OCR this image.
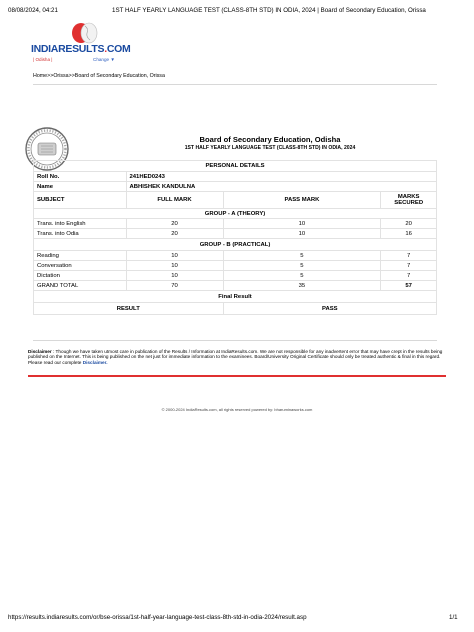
08/08/2024, 04:21	1ST HALF YEARLY LANGUAGE TEST (CLASS-8TH STD) IN ODIA, 2024 | Board of Secondary Education, Orissa
INDIARESULTS.COM
| Odisha |	Change ▼
Home>>Orissa>>Board of Secondary Education, Orissa
Board of Secondary Education, Odisha
1ST HALF YEARLY LANGUAGE TEST (CLASS-8TH STD) IN ODIA, 2024
PERSONAL DETAILS			
Roll No.	241HED0243		
Name	ABHISHEK KANDULNA		
SUBJECT	FULL MARK	PASS MARK	MARKS SECURED
GROUP - A (THEORY)			
Trans. into English	20	10	20
Trans. into Odia	20	10	16
GROUP - B (PRACTICAL)			
Reading	10	5	7
Conversation	10	5	7
Dictation	10	5	7
GRAND TOTAL	70	35	57
Final Result			
RESULT		PASS	
Disclaimer : Though we have taken utmost care in publication of the Results / Information at IndiaResults.com. We are not responsible for any inadvertent error that may have crept in the results being published on the Internet. This is being published on the net just for immediate information to the examinees. Board/University Original Certificate should only be treated authentic & final in this regard. Please read our complete Disclaimer.
© 2000-2024 IndiaResults.com, all rights reserved powered by: bharuminaworks.com
https://results.indiaresults.com/or/bse-orissa/1st-half-year-language-test-class-8th-std-in-odia-2024/result.asp	1/1
